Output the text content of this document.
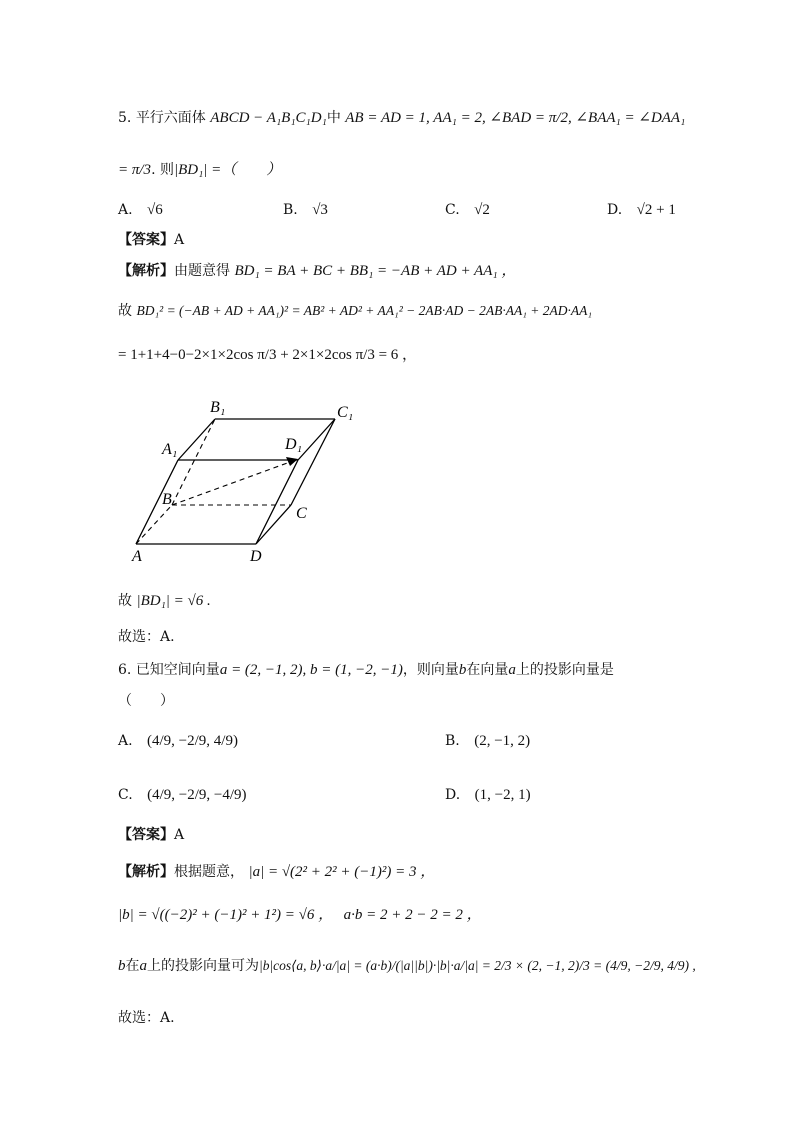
5. 平行六面体 ABCD − A₁B₁C₁D₁中 AB = AD = 1, AA₁ = 2, ∠BAD = π/2, ∠BAA₁ = ∠DAA₁
= π/3. 则|BD₁| =（　　）
A. √6	B. √3	C. √2	D. √2 + 1
【答案】A
【解析】由题意得 BD₁ = BA + BC + BB₁ = −AB + AD + AA₁ ，
故 BD₁² = (−AB + AD + AA₁)² = AB² + AD² + AA₁² − 2AB·AD − 2AB·AA₁ + 2AD·AA₁
= 1+1+4−0−2×1×2cos π/3 + 2×1×2cos π/3 = 6 ，
A	D
C
B
A₁
B₁	C₁
D₁
故 |BD₁| = √6 .
故选：A.
6. 已知空间向量a = (2, −1, 2), b = (1, −2, −1)，则向量b在向量a上的投影向量是
（　　）
A. (4/9, −2/9, 4/9)	B. (2, −1, 2)
C. (4/9, −2/9, −4/9)	D. (1, −2, 1)
【答案】A
【解析】根据题意， |a| = √(2² + 2² + (−1)²) = 3 ，
|b| = √((−2)² + (−1)² + 1²) = √6 ， a·b = 2 + 2 − 2 = 2 ，
b在a上的投影向量可为|b|cos⟨a, b⟩·a/|a| = (a·b)/(|a||b|)·|b|·a/|a| = 2/3 × (2, −1, 2)/3 = (4/9, −2/9, 4/9) ,
故选：A.
